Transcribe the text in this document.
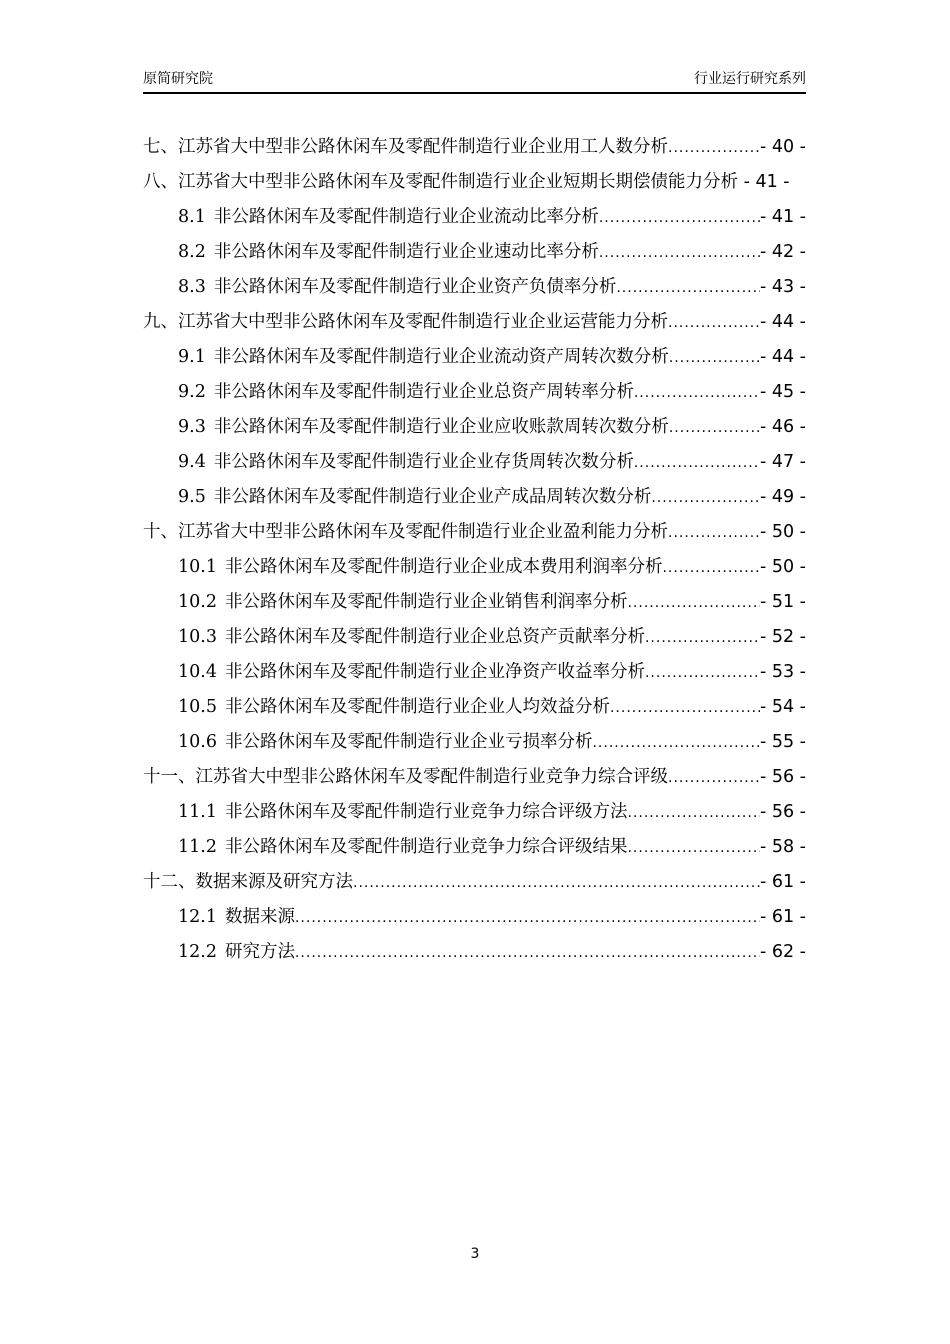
原简研究院	行业运行研究系列
七、江苏省大中型非公路休闲车及零配件制造行业企业用工人数分析 .....	- 40 -
八、江苏省大中型非公路休闲车及零配件制造行业企业短期长期偿债能力分析 - 41 -
8.1 非公路休闲车及零配件制造行业企业流动比率分析 .....	- 41 -
8.2 非公路休闲车及零配件制造行业企业速动比率分析 .....	- 42 -
8.3 非公路休闲车及零配件制造行业企业资产负债率分析 .....	- 43 -
九、江苏省大中型非公路休闲车及零配件制造行业企业运营能力分析 .....	- 44 -
9.1 非公路休闲车及零配件制造行业企业流动资产周转次数分析 .....	- 44 -
9.2 非公路休闲车及零配件制造行业企业总资产周转率分析 .....	- 45 -
9.3 非公路休闲车及零配件制造行业企业应收账款周转次数分析 .....	- 46 -
9.4 非公路休闲车及零配件制造行业企业存货周转次数分析 .....	- 47 -
9.5 非公路休闲车及零配件制造行业企业产成品周转次数分析 .....	- 49 -
十、江苏省大中型非公路休闲车及零配件制造行业企业盈利能力分析 .....	- 50 -
10.1 非公路休闲车及零配件制造行业企业成本费用利润率分析 .....	- 50 -
10.2 非公路休闲车及零配件制造行业企业销售利润率分析 .....	- 51 -
10.3 非公路休闲车及零配件制造行业企业总资产贡献率分析 .....	- 52 -
10.4 非公路休闲车及零配件制造行业企业净资产收益率分析 .....	- 53 -
10.5 非公路休闲车及零配件制造行业企业人均效益分析 .....	- 54 -
10.6 非公路休闲车及零配件制造行业企业亏损率分析 .....	- 55 -
十一、江苏省大中型非公路休闲车及零配件制造行业竞争力综合评级 .....	- 56 -
11.1 非公路休闲车及零配件制造行业竞争力综合评级方法 .....	- 56 -
11.2 非公路休闲车及零配件制造行业竞争力综合评级结果 .....	- 58 -
十二、数据来源及研究方法 .....	- 61 -
12.1 数据来源 .....	- 61 -
12.2 研究方法 .....	- 62 -
3
